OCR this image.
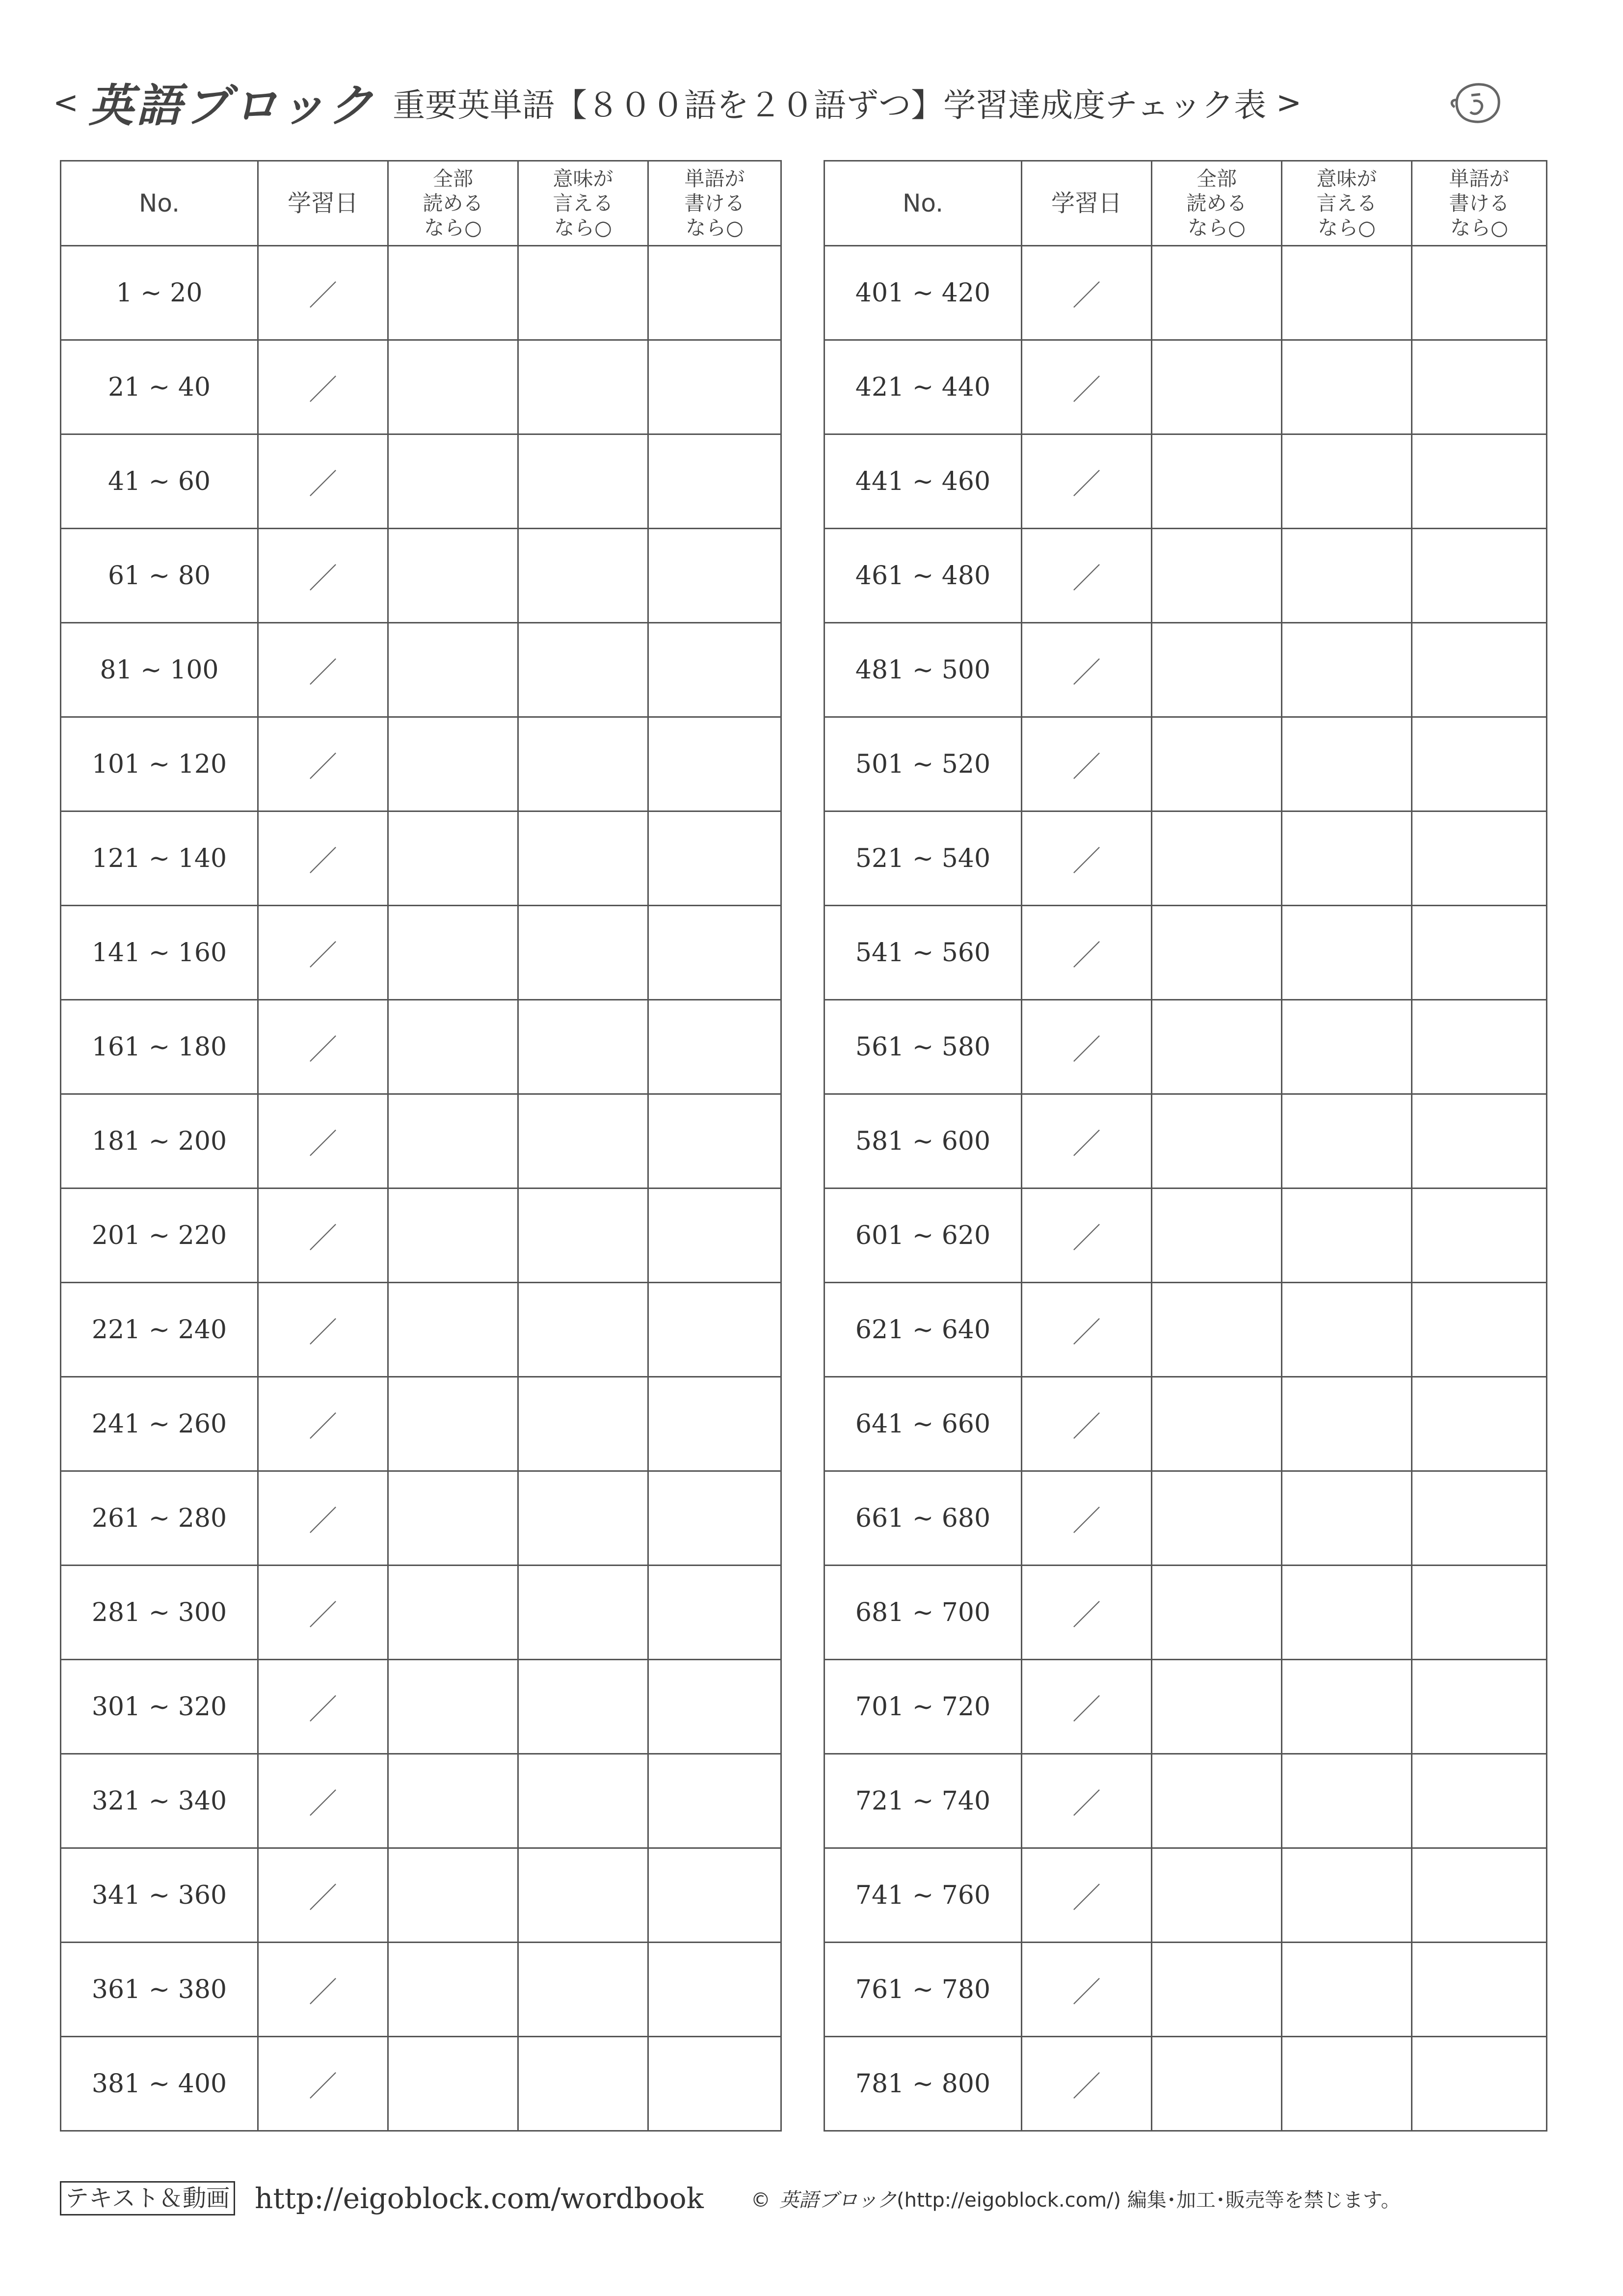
< 英語ブロック 重要英単語【８００語を２０語ずつ】学習達成度チェック表 >
No.	学習日	全部
読める
なら○	意味が
言える
なら○	単語が
書ける
なら○
1 ~ 20	／			
21 ~ 40	／			
41 ~ 60	／			
61 ~ 80	／			
81 ~ 100	／			
101 ~ 120	／			
121 ~ 140	／			
141 ~ 160	／			
161 ~ 180	／			
181 ~ 200	／			
201 ~ 220	／			
221 ~ 240	／			
241 ~ 260	／			
261 ~ 280	／			
281 ~ 300	／			
301 ~ 320	／			
321 ~ 340	／			
341 ~ 360	／			
361 ~ 380	／			
381 ~ 400	／			
No.	学習日	全部
読める
なら○	意味が
言える
なら○	単語が
書ける
なら○
401 ~ 420	／			
421 ~ 440	／			
441 ~ 460	／			
461 ~ 480	／			
481 ~ 500	／			
501 ~ 520	／			
521 ~ 540	／			
541 ~ 560	／			
561 ~ 580	／			
581 ~ 600	／			
601 ~ 620	／			
621 ~ 640	／			
641 ~ 660	／			
661 ~ 680	／			
681 ~ 700	／			
701 ~ 720	／			
721 ~ 740	／			
741 ~ 760	／			
761 ~ 780	／			
781 ~ 800	／			
テキスト＆動画 http://eigoblock.com/wordbook © 英語ブロック(http://eigoblock.com/) 編集･加工･販売等を禁じます。
